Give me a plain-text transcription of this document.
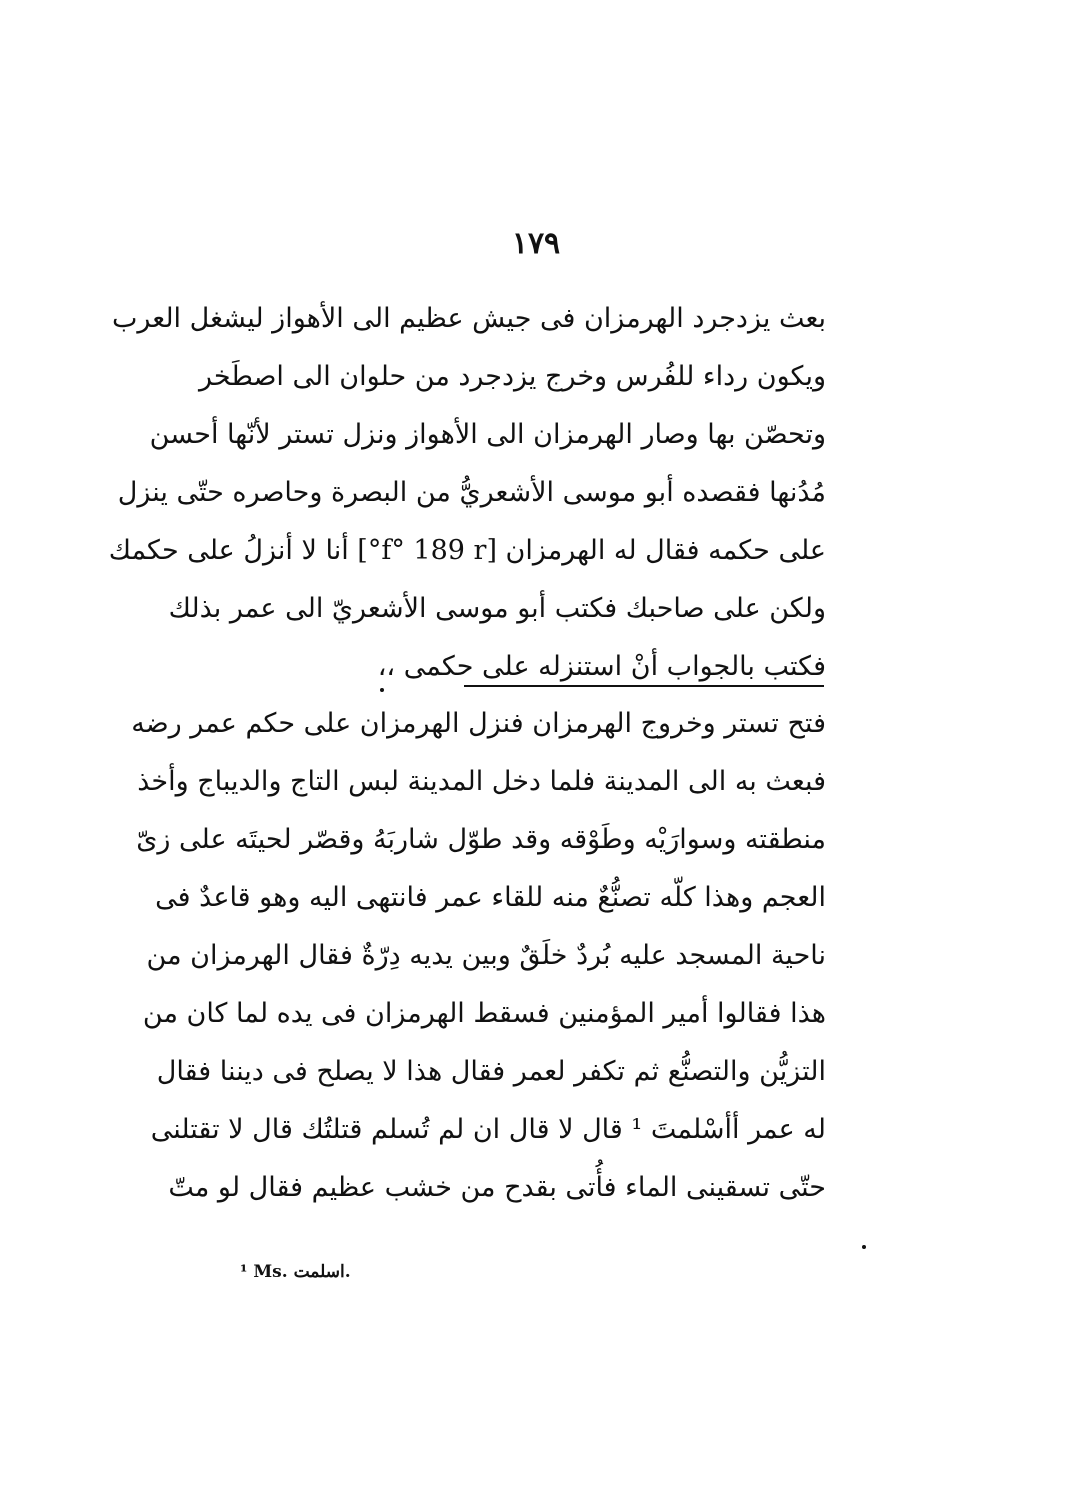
١٧٩
بعث يزدجرد الهرمزان فى جيش عظيم الى الأهواز ليشغل العرب
ويكون رداء للفُرس وخرج يزدجرد من حلوان الى اصطَخر
وتحصّن بها وصار الهرمزان الى الأهواز ونزل تستر لأنّها أحسن
مُدُنها فقصده أبو موسى الأشعريُّ من البصرة وحاصره حتّى ينزل
على حكمه فقال له الهرمزان [f° 189 r°] أنا لا أنزلُ على حكمك
ولكن على صاحبك فكتب أبو موسى الأشعريّ الى عمر بذلك
فكتب بالجواب أنْ استنزله على حكمى ،،
فتح تستر وخروج الهرمزان فنزل الهرمزان على حكم عمر رضه
فبعث به الى المدينة فلما دخل المدينة لبس التاج والديباج وأخذ
منطقته وسوارَيْه وطَوْقه وقد طوّل شاربَهُ وقصّر لحيتَه على زىّ
العجم وهذا كلّه تصنُّعٌ منه للقاء عمر فانتهى اليه وهو قاعدٌ فى
ناحية المسجد عليه بُردٌ خلَقٌ وبين يديه دِرّةٌ فقال الهرمزان من
هذا فقالوا أمير المؤمنين فسقط الهرمزان فى يده لما كان من
التزيُّن والتصنُّع ثم تكفر لعمر فقال هذا لا يصلح فى ديننا فقال
له عمر أأسْلمتَ ¹ قال لا قال ان لم تُسلم قتلتُك قال لا تقتلنى
حتّى تسقينى الماء فأُتى بقدح من خشب عظيم فقال لو متّ
¹ Ms. اسلمت.
